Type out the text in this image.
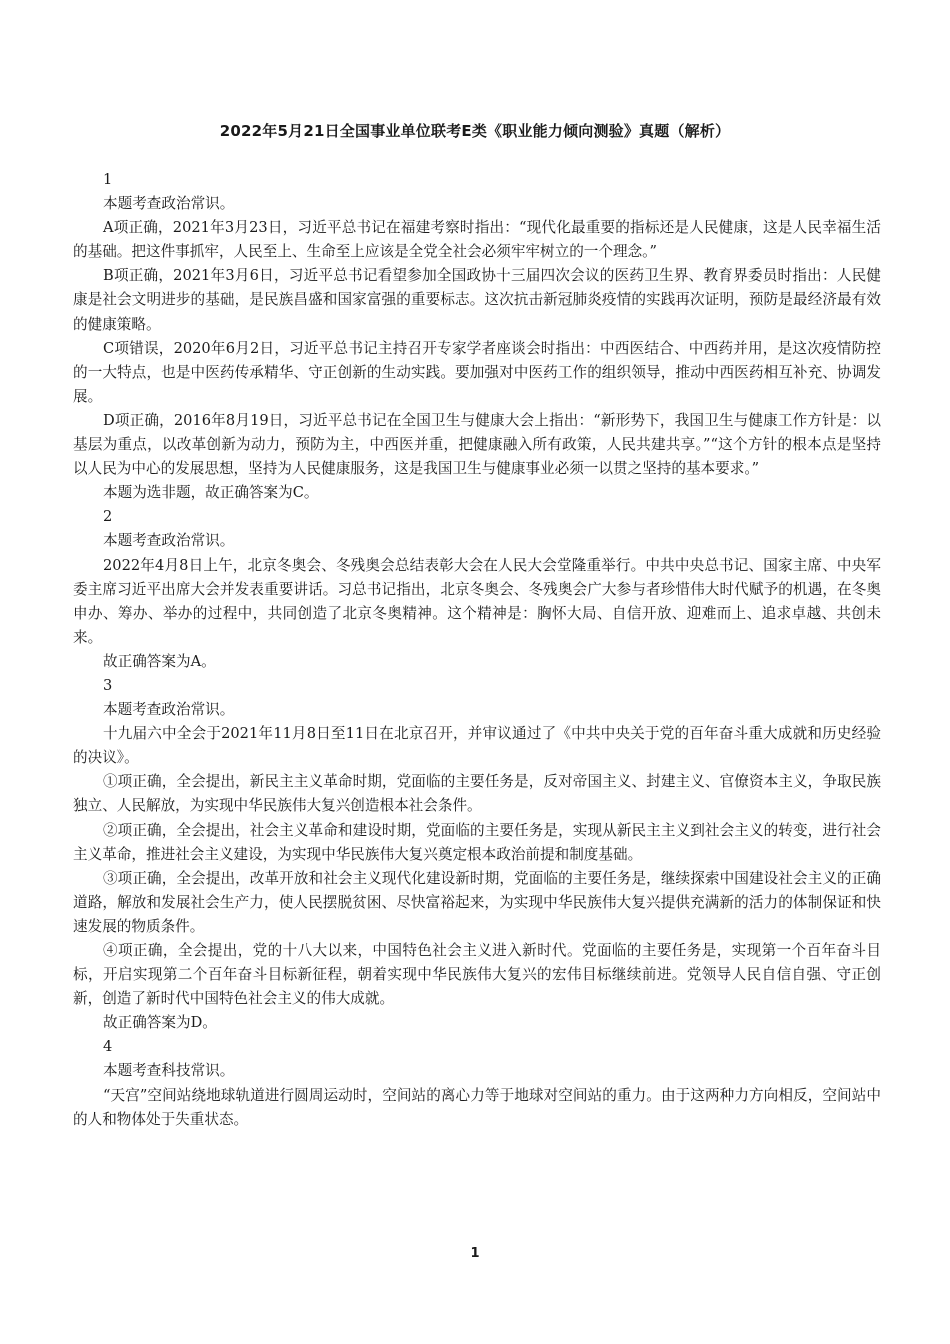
2022年5月21日全国事业单位联考E类《职业能力倾向测验》真题（解析）

1

本题考查政治常识。

A项正确，2021年3月23日，习近平总书记在福建考察时指出：“现代化最重要的指标还是人民健康，这是人民幸福生活的基础。把这件事抓牢，人民至上、生命至上应该是全党全社会必须牢牢树立的一个理念。”

B项正确，2021年3月6日，习近平总书记看望参加全国政协十三届四次会议的医药卫生界、教育界委员时指出：人民健康是社会文明进步的基础，是民族昌盛和国家富强的重要标志。这次抗击新冠肺炎疫情的实践再次证明，预防是最经济最有效的健康策略。

C项错误，2020年6月2日，习近平总书记主持召开专家学者座谈会时指出：中西医结合、中西药并用，是这次疫情防控的一大特点，也是中医药传承精华、守正创新的生动实践。要加强对中医药工作的组织领导，推动中西医药相互补充、协调发展。

D项正确，2016年8月19日，习近平总书记在全国卫生与健康大会上指出：“新形势下，我国卫生与健康工作方针是：以基层为重点，以改革创新为动力，预防为主，中西医并重，把健康融入所有政策，人民共建共享。”“这个方针的根本点是坚持以人民为中心的发展思想，坚持为人民健康服务，这是我国卫生与健康事业必须一以贯之坚持的基本要求。”

本题为选非题，故正确答案为C。

2

本题考查政治常识。

2022年4月8日上午，北京冬奥会、冬残奥会总结表彰大会在人民大会堂隆重举行。中共中央总书记、国家主席、中央军委主席习近平出席大会并发表重要讲话。习总书记指出，北京冬奥会、冬残奥会广大参与者珍惜伟大时代赋予的机遇，在冬奥申办、筹办、举办的过程中，共同创造了北京冬奥精神。这个精神是：胸怀大局、自信开放、迎难而上、追求卓越、共创未来。

故正确答案为A。

3

本题考查政治常识。

十九届六中全会于2021年11月8日至11日在北京召开，并审议通过了《中共中央关于党的百年奋斗重大成就和历史经验的决议》。

①项正确，全会提出，新民主主义革命时期，党面临的主要任务是，反对帝国主义、封建主义、官僚资本主义，争取民族独立、人民解放，为实现中华民族伟大复兴创造根本社会条件。

②项正确，全会提出，社会主义革命和建设时期，党面临的主要任务是，实现从新民主主义到社会主义的转变，进行社会主义革命，推进社会主义建设，为实现中华民族伟大复兴奠定根本政治前提和制度基础。

③项正确，全会提出，改革开放和社会主义现代化建设新时期，党面临的主要任务是，继续探索中国建设社会主义的正确道路，解放和发展社会生产力，使人民摆脱贫困、尽快富裕起来，为实现中华民族伟大复兴提供充满新的活力的体制保证和快速发展的物质条件。

④项正确，全会提出，党的十八大以来，中国特色社会主义进入新时代。党面临的主要任务是，实现第一个百年奋斗目标，开启实现第二个百年奋斗目标新征程，朝着实现中华民族伟大复兴的宏伟目标继续前进。党领导人民自信自强、守正创新，创造了新时代中国特色社会主义的伟大成就。

故正确答案为D。

4

本题考查科技常识。

“天宫”空间站绕地球轨道进行圆周运动时，空间站的离心力等于地球对空间站的重力。由于这两种力方向相反，空间站中的人和物体处于失重状态。

1
